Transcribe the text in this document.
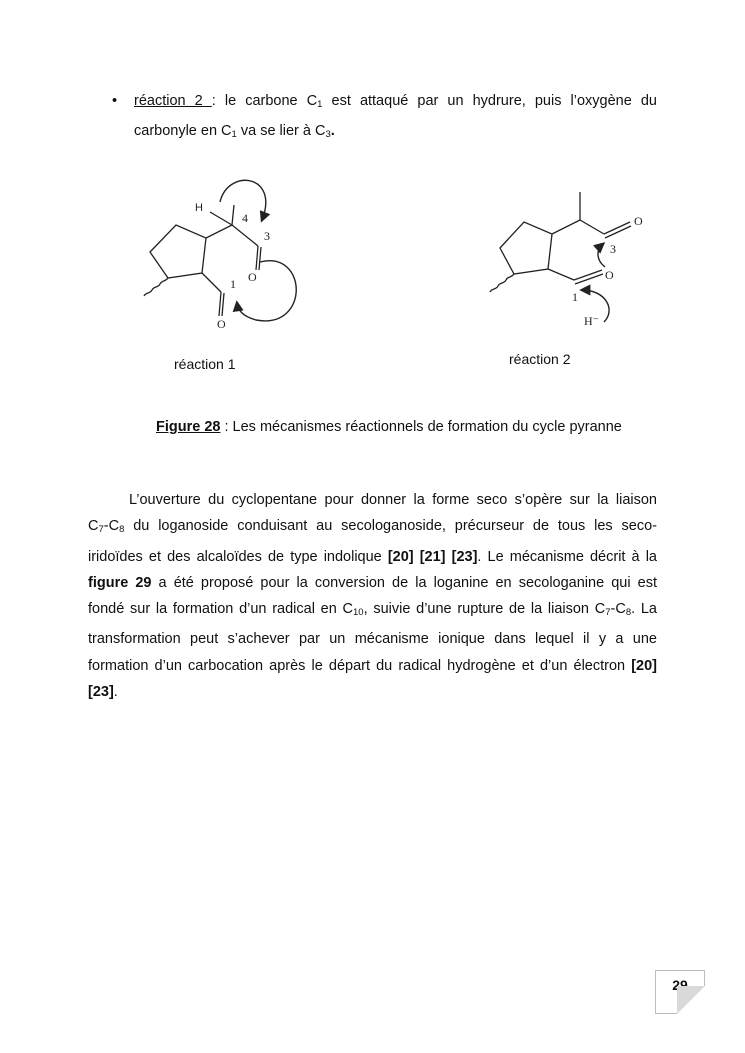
• réaction 2 : le carbone $C_1$ est attaqué par un hydrure, puis l’oxygène du
carbonyle en $C_1$ va se lier à $C_3$.
H
4
3
O
1
O
réaction 1
O
3
O
1
H⁻
réaction 2
Figure 28 : Les mécanismes réactionnels de formation du cycle pyranne
L’ouverture du cyclopentane pour donner la forme seco s’opère sur la liaison
$C_7-C_8$ du loganoside conduisant au secologanoside, précurseur de tous les seco-
iridoïdes et des alcaloïdes de type indolique [20] [21] [23]. Le mécanisme décrit à la
figure 29 a été proposé pour la conversion de la loganine en secologanine qui est
fondé sur la formation d’un radical en $C_{10}$, suivie d’une rupture de la liaison $C_7-C_8$. La
transformation peut s’achever par un mécanisme ionique dans lequel il y a une
formation d’un carbocation après le départ du radical hydrogène et d’un électron [20]
[23].
29
